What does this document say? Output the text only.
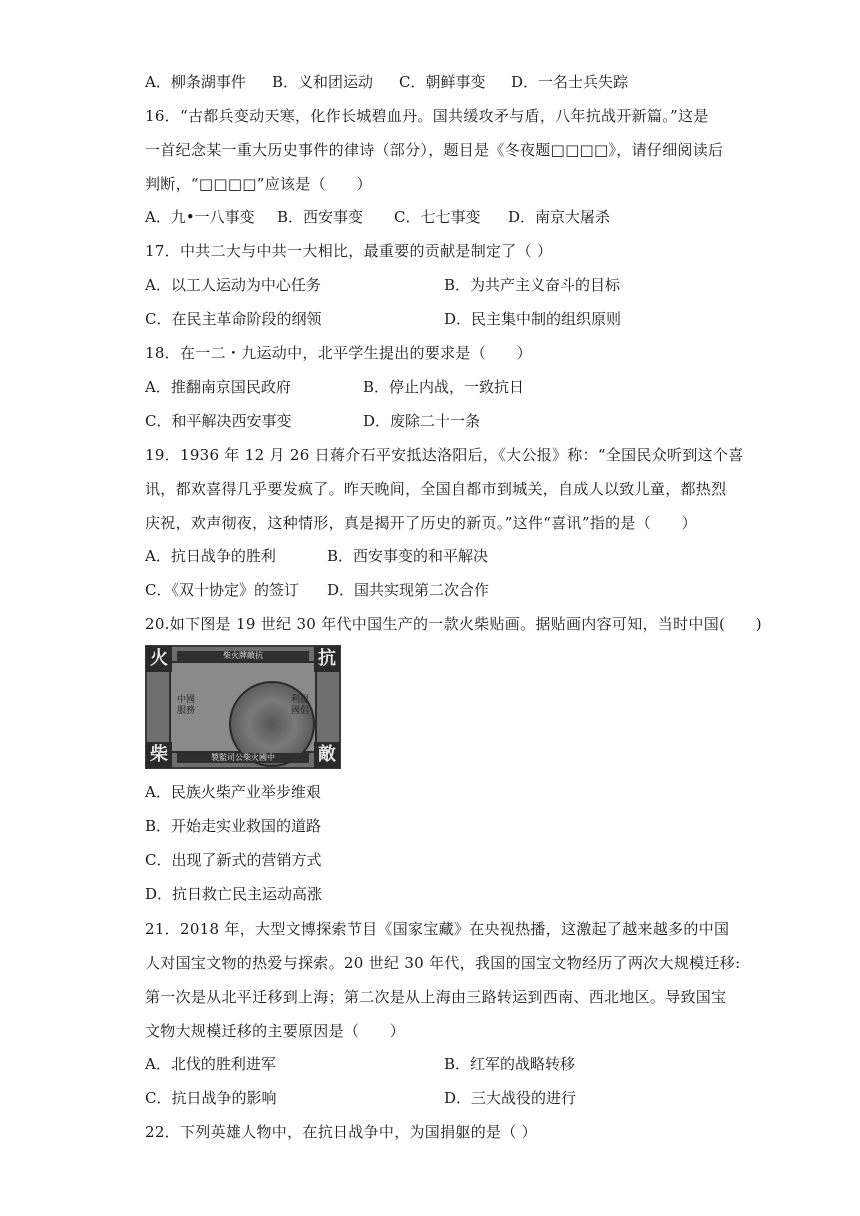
A．柳条湖事件 B．义和团运动 C．朝鲜事变 D．一名士兵失踪
16．“古都兵变动天寒，化作长城碧血丹。国共缓攻矛与盾，八年抗战开新篇。”这是
一首纪念某一重大历史事件的律诗（部分），题目是《冬夜题□□□□》，请仔细阅读后
判断，“□□□□”应该是（　　）
A．九•一八事变 B．西安事变 C．七七事变 D．南京大屠杀
17．中共二大与中共一大相比，最重要的贡献是制定了（ ）
A．以工人运动为中心任务	B．为共产主义奋斗的目标
C．在民主革命阶段的纲领	D．民主集中制的组织原则
18．在一二・九运动中，北平学生提出的要求是（　　）
A．推翻南京国民政府	B．停止内战，一致抗日
C．和平解决西安事变	D．废除二十一条
19．1936 年 12 月 26 日蒋介石平安抵达洛阳后，《大公报》称：“全国民众听到这个喜
讯，都欢喜得几乎要发疯了。昨天晚间，全国自都市到城关，自成人以致儿童，都热烈
庆祝，欢声彻夜，这种情形，真是揭开了历史的新页。”这件“喜讯”指的是（　　）
A．抗日战争的胜利	B．西安事变的和平解决
C．《双十协定》的签订 D．国共实现第二次合作
20.如下图是 19 世纪 30 年代中国生产的一款火柴贴画。据贴画内容可知，当时中国(　　)
火	抗
柴	敵
柴火牌敵抗
製監司公柴火國中
中國 服務
利提 國倡
A．民族火柴产业举步维艰
B．开始走实业救国的道路
C．出现了新式的营销方式
D．抗日救亡民主运动高涨
21．2018 年，大型文博探索节目《国家宝藏》在央视热播，这激起了越来越多的中国
人对国宝文物的热爱与探索。20 世纪 30 年代，我国的国宝文物经历了两次大规模迁移:
第一次是从北平迁移到上海；第二次是从上海由三路转运到西南、西北地区。导致国宝
文物大规模迁移的主要原因是（　　）
A．北伐的胜利进军	B．红军的战略转移
C．抗日战争的影响	D．三大战役的进行
22．下列英雄人物中，在抗日战争中，为国捐躯的是（ ）
